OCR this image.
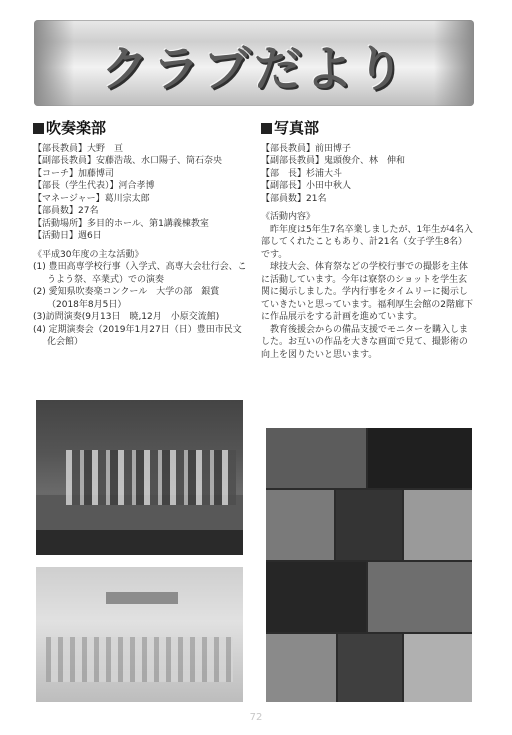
クラブだより
吹奏楽部
【部長教員】大野　亘
【副部長教員】安藤浩哉、水口陽子、筒石奈央
【コーチ】加藤博司
【部長（学生代表）】河合孝博
【マネージャー】葛川宗太郎
【部員数】27名
【活動場所】多目的ホール、第1講義棟教室
【活動日】週6日
《平成30年度の主な活動》
(1) 豊田高専学校行事（入学式、高専大会壮行会、こうよう祭、卒業式）での演奏
(2) 愛知県吹奏楽コンクール　大学の部　銀賞
（2018年8月5日）
(3)訪問演奏(9月13日　暁,12月　小原交流館)
(4) 定期演奏会（2019年1月27日（日）豊田市民文化会館）
写真部
【部長教員】前田博子
【副部長教員】鬼頭俊介、林　伸和
【部　長】杉浦大斗
【副部長】小田中秋人
【部員数】21名
《活動内容》
昨年度は5年生7名卒業しましたが、1年生が4名入部してくれたこともあり、計21名（女子学生8名）です。
球技大会、体育祭などの学校行事での撮影を主体に活動しています。今年は寮祭のショットを学生玄関に掲示しました。学内行事をタイムリーに掲示していきたいと思っています。福利厚生会館の2階廊下に作品展示をする計画を進めています。
教育後援会からの備品支援でモニターを購入しました。お互いの作品を大きな画面で見て、撮影術の向上を図りたいと思います。
72
